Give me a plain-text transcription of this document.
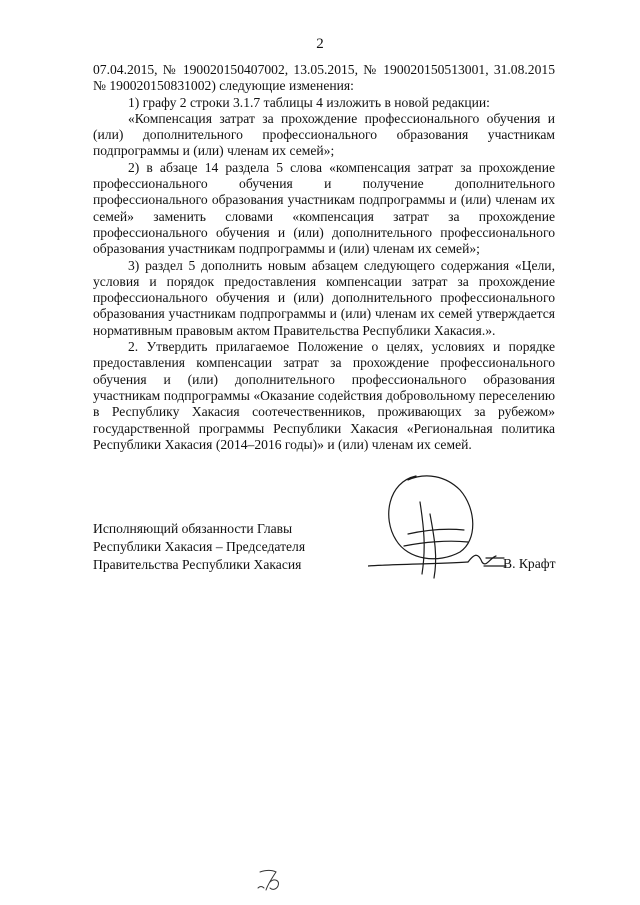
2

07.04.2015, № 190020150407002, 13.05.2015, № 190020150513001, 31.08.2015 № 190020150831002) следующие изменения:

1) графу 2 строки 3.1.7 таблицы 4 изложить в новой редакции:

«Компенсация затрат за прохождение профессионального обучения и (или) дополнительного профессионального образования участникам подпрограммы и (или) членам их семей»;

2) в абзаце 14 раздела 5 слова «компенсация затрат за прохождение профессионального обучения и получение дополнительного профессионального образования участникам подпрограммы и (или) членам их семей» заменить словами «компенсация затрат за прохождение профессионального обучения и (или) дополнительного профессионального образования участникам подпрограммы и (или) членам их семей»;

3) раздел 5 дополнить новым абзацем следующего содержания «Цели, условия и порядок предоставления компенсации затрат за прохождение профессионального обучения и (или) дополнительного профессионального образования участникам подпрограммы и (или) членам их семей утверждается нормативным правовым актом Правительства Республики Хакасия.».

2. Утвердить прилагаемое Положение о целях, условиях и порядке предоставления компенсации затрат за прохождение профессионального обучения и (или) дополнительного профессионального образования участникам подпрограммы «Оказание содействия добровольному переселению в Республику Хакасия соотечественников, проживающих за рубежом» государственной программы Республики Хакасия «Региональная политика Республики Хакасия (2014–2016 годы)» и (или) членам их семей.

Исполняющий обязанности Главы
Республики Хакасия – Председателя
Правительства Республики Хакасия	В. Крафт
